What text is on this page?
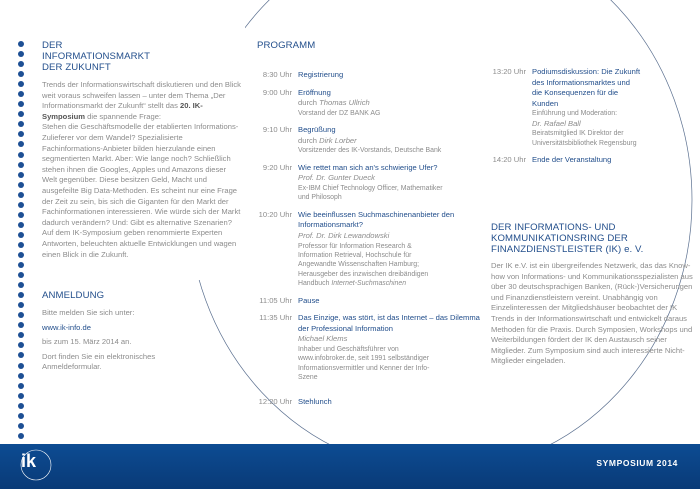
DER INFORMATIONSMARKT DER ZUKUNFT

Trends der Informationswirtschaft diskutieren und den Blick weit voraus schweifen lassen – unter dem Thema „Der Informationsmarkt der Zukunft“ stellt das 20. IK-Symposium die spannende Frage:

Stehen die Geschäftsmodelle der etablierten Informations-Zulieferer vor dem Wandel? Spezialisierte Fachinformations-Anbieter bilden hierzulande einen segmentierten Markt. Aber: Wie lange noch? Schließlich stehen ihnen die Googles, Apples und Amazons dieser Welt gegenüber. Diese besitzen Geld, Macht und ausgefeilte Big Data-Methoden. Es scheint nur eine Frage der Zeit zu sein, bis sich die Giganten für den Markt der Fachinformationen interessieren. Wie würde sich der Markt dadurch verändern? Und: Gibt es alternative Szenarien? Auf dem IK-Symposium geben renommierte Experten Antworten, beleuchten aktuelle Entwicklungen und wagen einen Blick in die Zukunft.

ANMELDUNG

Bitte melden Sie sich unter:

www.ik-info.de

bis zum 15. März 2014 an.

Dort finden Sie ein elektronisches Anmeldeformular.

PROGRAMM
8:30 Uhr Registrierung
9:00 Uhr Eröffnung
durch Thomas Ullrich
Vorstand der DZ BANK AG
9:10 Uhr Begrüßung
durch Dirk Lorber
Vorsitzender des IK-Vorstands, Deutsche Bank
9:20 Uhr Wie rettet man sich an's schwierige Ufer?
Prof. Dr. Gunter Dueck
Ex-IBM Chief Technology Officer, Mathematiker und Philosoph
10:20 Uhr Wie beeinflussen Suchmaschinenanbieter den Informationsmarkt?
Prof. Dr. Dirk Lewandowski
Professor für Information Research & Information Retrieval, Hochschule für Angewandte Wissenschaften Hamburg; Herausgeber des inzwischen dreibändigen Handbuch Internet-Suchmaschinen
11:05 Uhr Pause
11:35 Uhr Das Einzige, was stört, ist das Internet – das Dilemma der Professional Information
Michael Klems
Inhaber und Geschäftsführer von www.infobroker.de, seit 1991 selbständiger Informationsvermittler und Kenner der Info-Szene
12:20 Uhr Stehlunch
13:20 Uhr Podiumsdiskussion: Die Zukunft des Informationsmarktes und die Konsequenzen für die Kunden
Einführung und Moderation:
Dr. Rafael Ball
Beiratsmitglied IK Direktor der Universitätsbibliothek Regensburg
14:20 Uhr Ende der Veranstaltung
DER INFORMATIONS- UND KOMMUNIKATIONSRING DER FINANZDIENSTLEISTER (IK) e. V.

Der IK e.V. ist ein übergreifendes Netzwerk, das das Know-how von Informations- und Kommunikationsspezialisten aus über 30 deutschsprachigen Banken, (Rück-)Versicherungen und Finanzdienstleistern vereint. Unabhängig von Einzelinteressen der Mitgliedshäuser beobachtet der IK Trends in der Informationswirtschaft und entwickelt daraus Methoden für die Praxis. Durch Symposien, Workshops und Weiterbildungen fördert der IK den Austausch seiner Mitglieder. Zum Symposium sind auch interessierte Nicht-Mitglieder eingeladen.

ik	SYMPOSIUM 2014
